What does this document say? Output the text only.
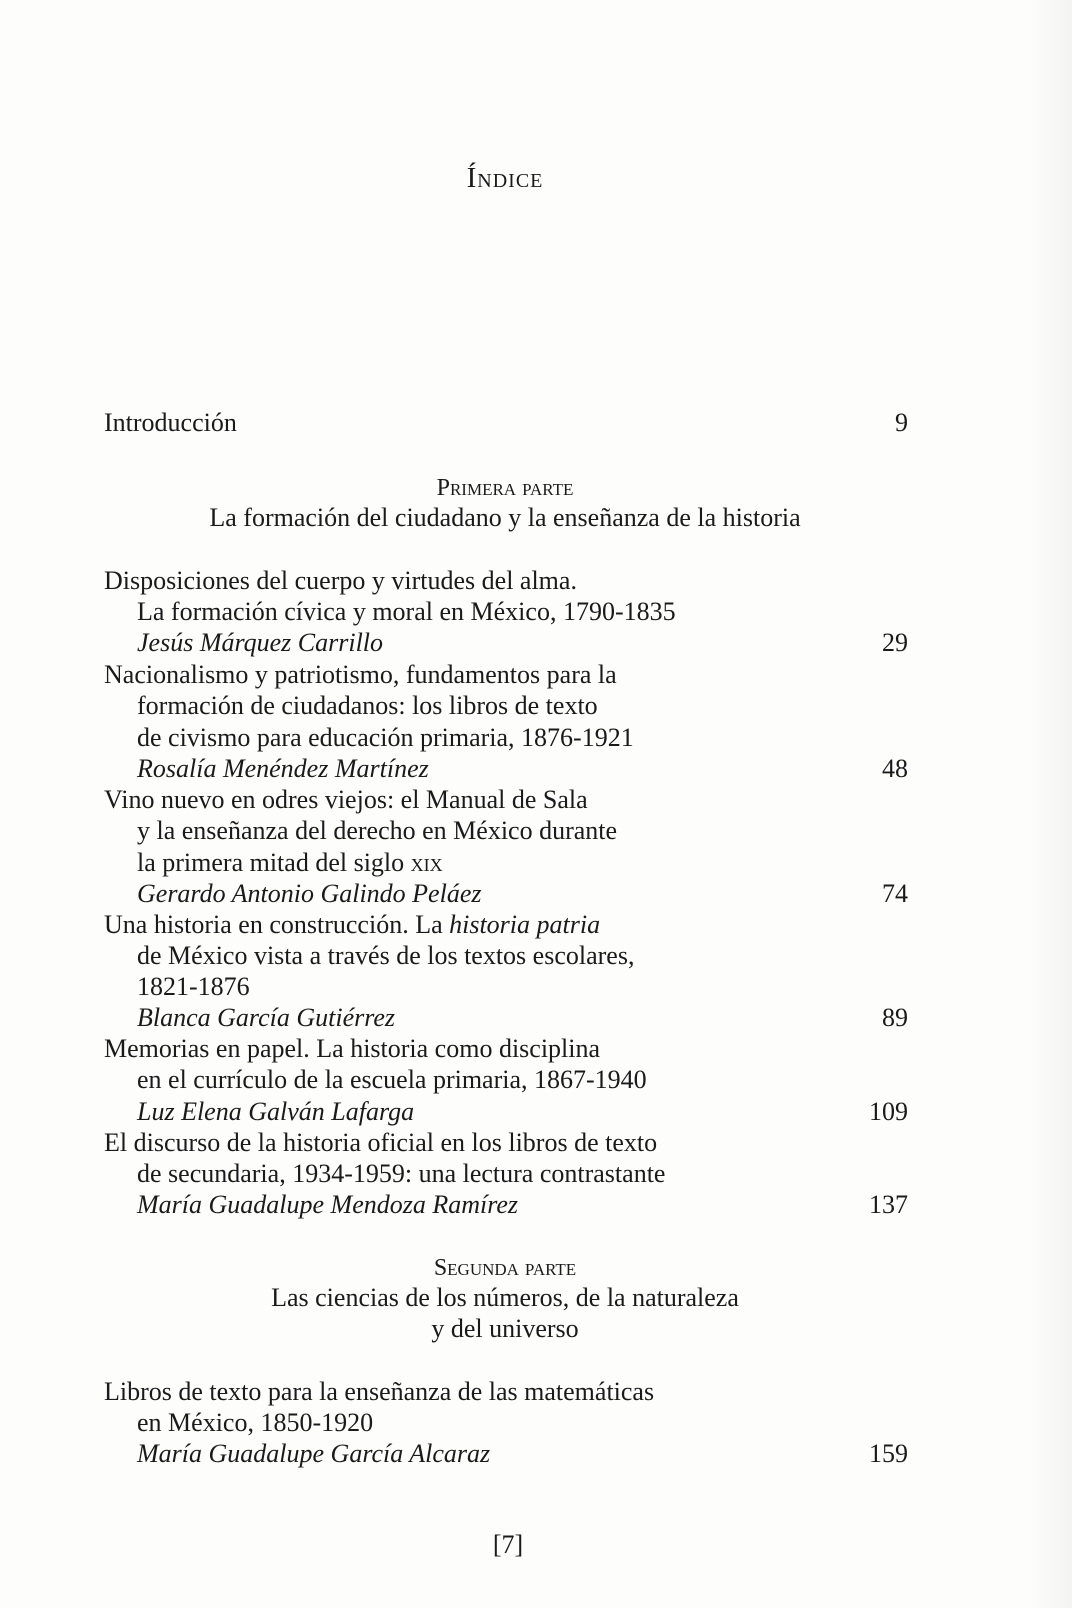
Índice
Introducción	9
Primera parte
La formación del ciudadano y la enseñanza de la historia
Disposiciones del cuerpo y virtudes del alma.
La formación cívica y moral en México, 1790-1835
Jesús Márquez Carrillo	29
Nacionalismo y patriotismo, fundamentos para la
formación de ciudadanos: los libros de texto
de civismo para educación primaria, 1876-1921
Rosalía Menéndez Martínez	48
Vino nuevo en odres viejos: el Manual de Sala
y la enseñanza del derecho en México durante
la primera mitad del siglo xix
Gerardo Antonio Galindo Peláez	74
Una historia en construcción. La historia patria
de México vista a través de los textos escolares,
1821-1876
Blanca García Gutiérrez	89
Memorias en papel. La historia como disciplina
en el currículo de la escuela primaria, 1867-1940
Luz Elena Galván Lafarga	109
El discurso de la historia oficial en los libros de texto
de secundaria, 1934-1959: una lectura contrastante
María Guadalupe Mendoza Ramírez	137
Segunda parte
Las ciencias de los números, de la naturaleza
y del universo
Libros de texto para la enseñanza de las matemáticas
en México, 1850-1920
María Guadalupe García Alcaraz	159
[7]
